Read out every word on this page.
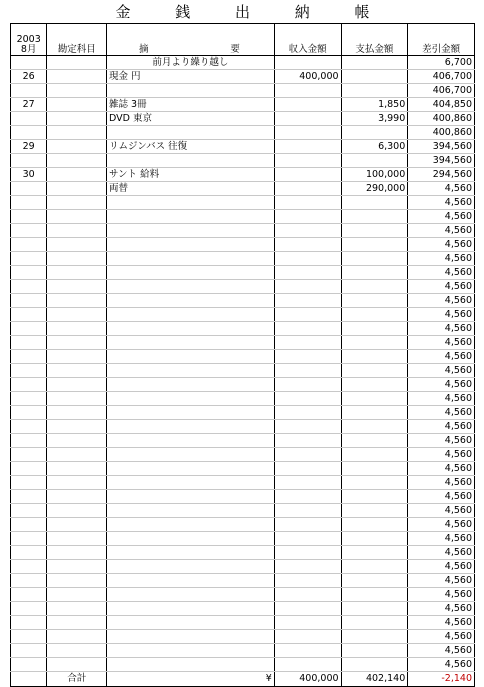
金 銭 出 納 帳
2003
8月	勘定科目	摘 要	収入金額	支払金額	差引金額
		前月より繰り越し			6,700
26		現金 円	400,000		406,700
					406,700
27		雑誌 3冊		1,850	404,850
		DVD 東京		3,990	400,860
					400,860
29		リムジンバス 往復		6,300	394,560
					394,560
30		サント 給料		100,000	294,560
		両替		290,000	4,560
					4,560
					4,560
					4,560
					4,560
					4,560
					4,560
					4,560
					4,560
					4,560
					4,560
					4,560
					4,560
					4,560
					4,560
					4,560
					4,560
					4,560
					4,560
					4,560
					4,560
					4,560
					4,560
					4,560
					4,560
					4,560
					4,560
					4,560
					4,560
					4,560
					4,560
					4,560
					4,560
					4,560
					4,560
	合計	¥	400,000	402,140	-2,140
